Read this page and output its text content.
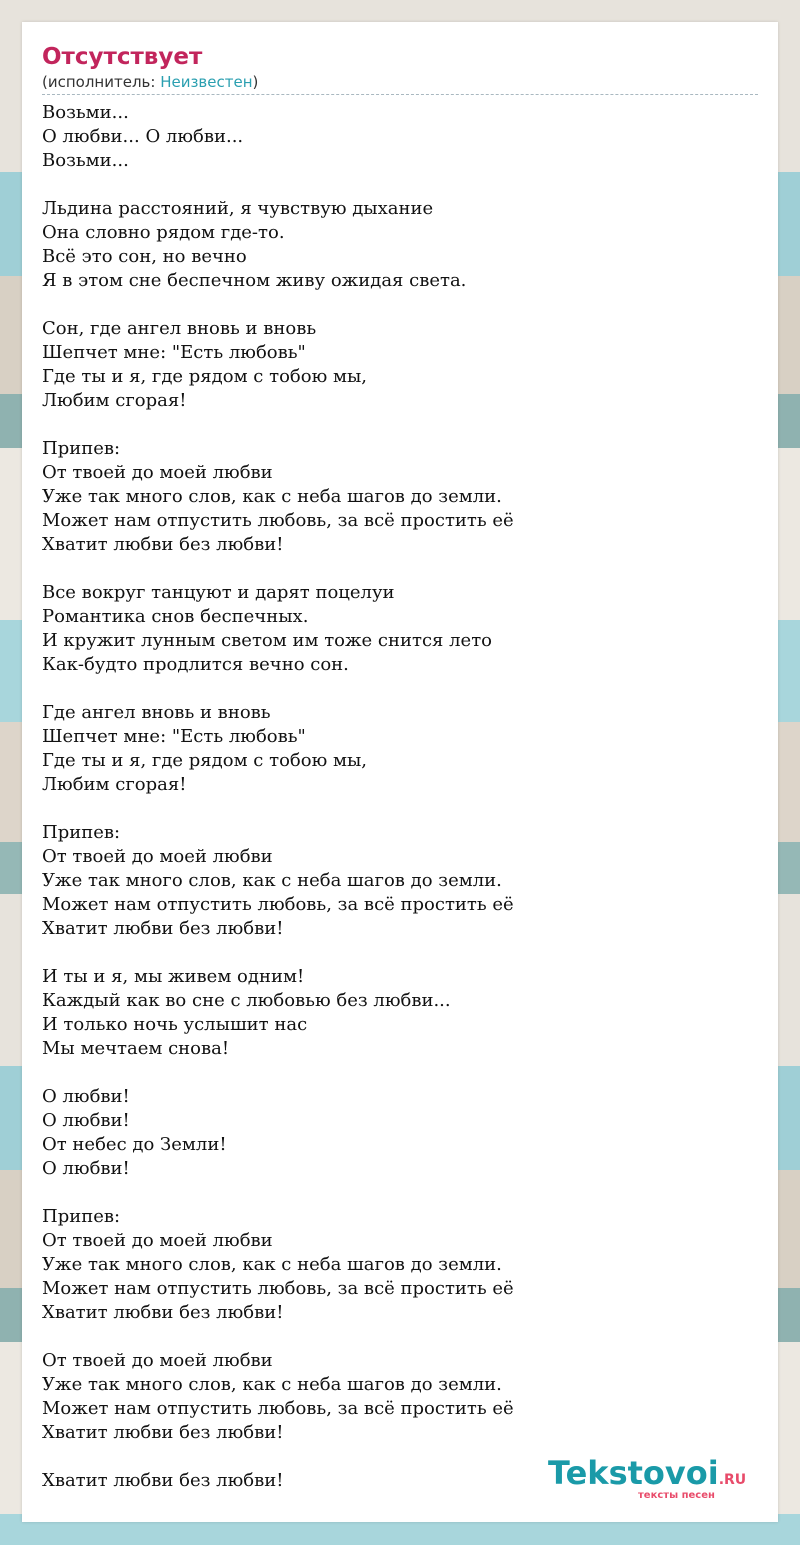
Отсутствует
(исполнитель: Неизвестен)
Возьми...
О любви... О любви...
Возьми...
Льдина расстояний, я чувствую дыхание
Она словно рядом где-то.
Всё это сон, но вечно
Я в этом сне беспечном живу ожидая света.
Сон, где ангел вновь и вновь
Шепчет мне: "Есть любовь"
Где ты и я, где рядом с тобою мы,
Любим сгорая!
Припев:
От твоей до моей любви
Уже так много слов, как с неба шагов до земли.
Может нам отпустить любовь, за всё простить её
Хватит любви без любви!
Все вокруг танцуют и дарят поцелуи
Романтика снов беспечных.
И кружит лунным светом им тоже снится лето
Как-будто продлится вечно сон.
Где ангел вновь и вновь
Шепчет мне: "Есть любовь"
Где ты и я, где рядом с тобою мы,
Любим сгорая!
Припев:
От твоей до моей любви
Уже так много слов, как с неба шагов до земли.
Может нам отпустить любовь, за всё простить её
Хватит любви без любви!
И ты и я, мы живем одним!
Каждый как во сне с любовью без любви...
И только ночь услышит нас
Мы мечтаем снова!
О любви!
О любви!
От небес до Земли!
О любви!
Припев:
От твоей до моей любви
Уже так много слов, как с неба шагов до земли.
Может нам отпустить любовь, за всё простить её
Хватит любви без любви!
От твоей до моей любви
Уже так много слов, как с неба шагов до земли.
Может нам отпустить любовь, за всё простить её
Хватит любви без любви!
Хватит любви без любви!	Tekstovoi.RU
тексты песен
